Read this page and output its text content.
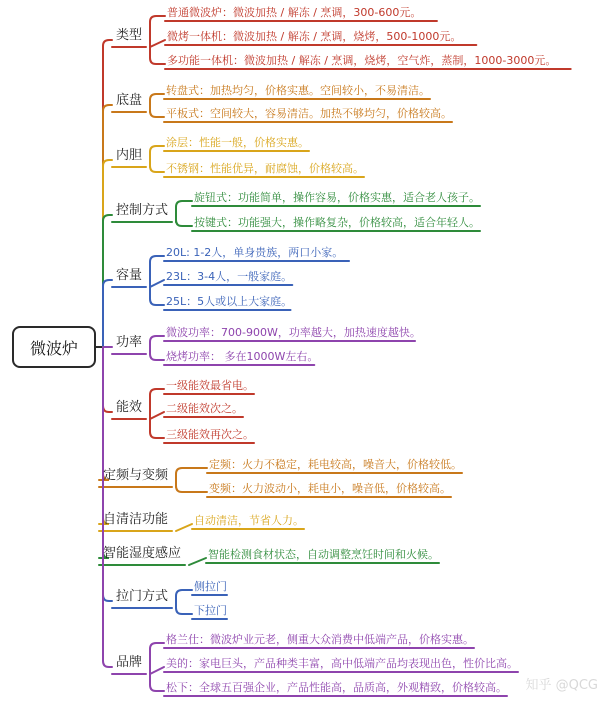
微波炉
类型
普通微波炉：微波加热 / 解冻 / 烹调，300-600元。
微烤一体机：微波加热 / 解冻 / 烹调，烧烤，500-1000元。
多功能一体机：微波加热 / 解冻 / 烹调，烧烤，空气炸，蒸制，1000-3000元。
底盘
转盘式：加热均匀，价格实惠。空间较小，不易清洁。
平板式：空间较大，容易清洁。加热不够均匀，价格较高。
内胆
涂层：性能一般，价格实惠。
不锈钢：性能优异，耐腐蚀，价格较高。
控制方式
旋钮式：功能简单，操作容易，价格实惠，适合老人孩子。
按键式：功能强大，操作略复杂，价格较高，适合年轻人。
容量
20L: 1-2人，单身贵族，两口小家。
23L：3-4人，一般家庭。
25L：5人或以上大家庭。
功率
微波功率：700-900W，功率越大，加热速度越快。
烧烤功率： 多在1000W左右。
能效
一级能效最省电。
二级能效次之。
三级能效再次之。
定频与变频
定频：火力不稳定，耗电较高，噪音大，价格较低。
变频：火力波动小，耗电小，噪音低，价格较高。
自清洁功能 自动清洁，节省人力。
智能湿度感应 智能检测食材状态，自动调整烹饪时间和火候。
拉门方式
侧拉门
下拉门
品牌
格兰仕：微波炉业元老，侧重大众消费中低端产品，价格实惠。
美的：家电巨头，产品种类丰富，高中低端产品均表现出色，性价比高。
松下：全球五百强企业，产品性能高，品质高，外观精致，价格较高。 知乎 @QCG
